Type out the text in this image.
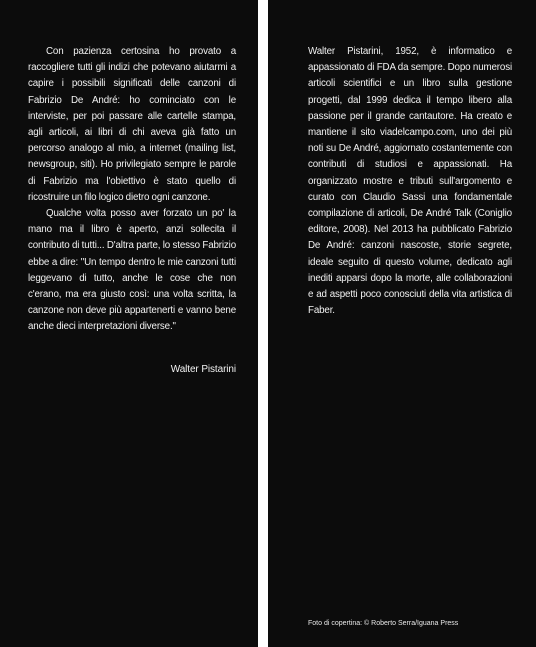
Con pazienza certosina ho provato a raccogliere tutti gli indizi che potevano aiutarmi a capire i possibili significati delle canzoni di Fabrizio De André: ho cominciato con le interviste, per poi passare alle cartelle stampa, agli articoli, ai libri di chi aveva già fatto un percorso analogo al mio, a internet (mailing list, newsgroup, siti). Ho privilegiato sempre le parole di Fabrizio ma l'obiettivo è stato quello di ricostruire un filo logico dietro ogni canzone.

Qualche volta posso aver forzato un po' la mano ma il libro è aperto, anzi sollecita il contributo di tutti... D'altra parte, lo stesso Fabrizio ebbe a dire: "Un tempo dentro le mie canzoni tutti leggevano di tutto, anche le cose che non c'erano, ma era giusto così: una volta scritta, la canzone non deve più appartenerti e vanno bene anche dieci interpretazioni diverse."

Walter Pistarini

Walter Pistarini, 1952, è informatico e appassionato di FDA da sempre. Dopo numerosi articoli scientifici e un libro sulla gestione progetti, dal 1999 dedica il tempo libero alla passione per il grande cantautore. Ha creato e mantiene il sito viadelcampo.com, uno dei più noti su De André, aggiornato costantemente con contributi di studiosi e appassionati. Ha organizzato mostre e tributi sull'argomento e curato con Claudio Sassi una fondamentale compilazione di articoli, De André Talk (Coniglio editore, 2008). Nel 2013 ha pubblicato Fabrizio De André: canzoni nascoste, storie segrete, ideale seguito di questo volume, dedicato agli inediti apparsi dopo la morte, alle collaborazioni e ad aspetti poco conosciuti della vita artistica di Faber.

Foto di copertina: © Roberto Serra/Iguana Press
